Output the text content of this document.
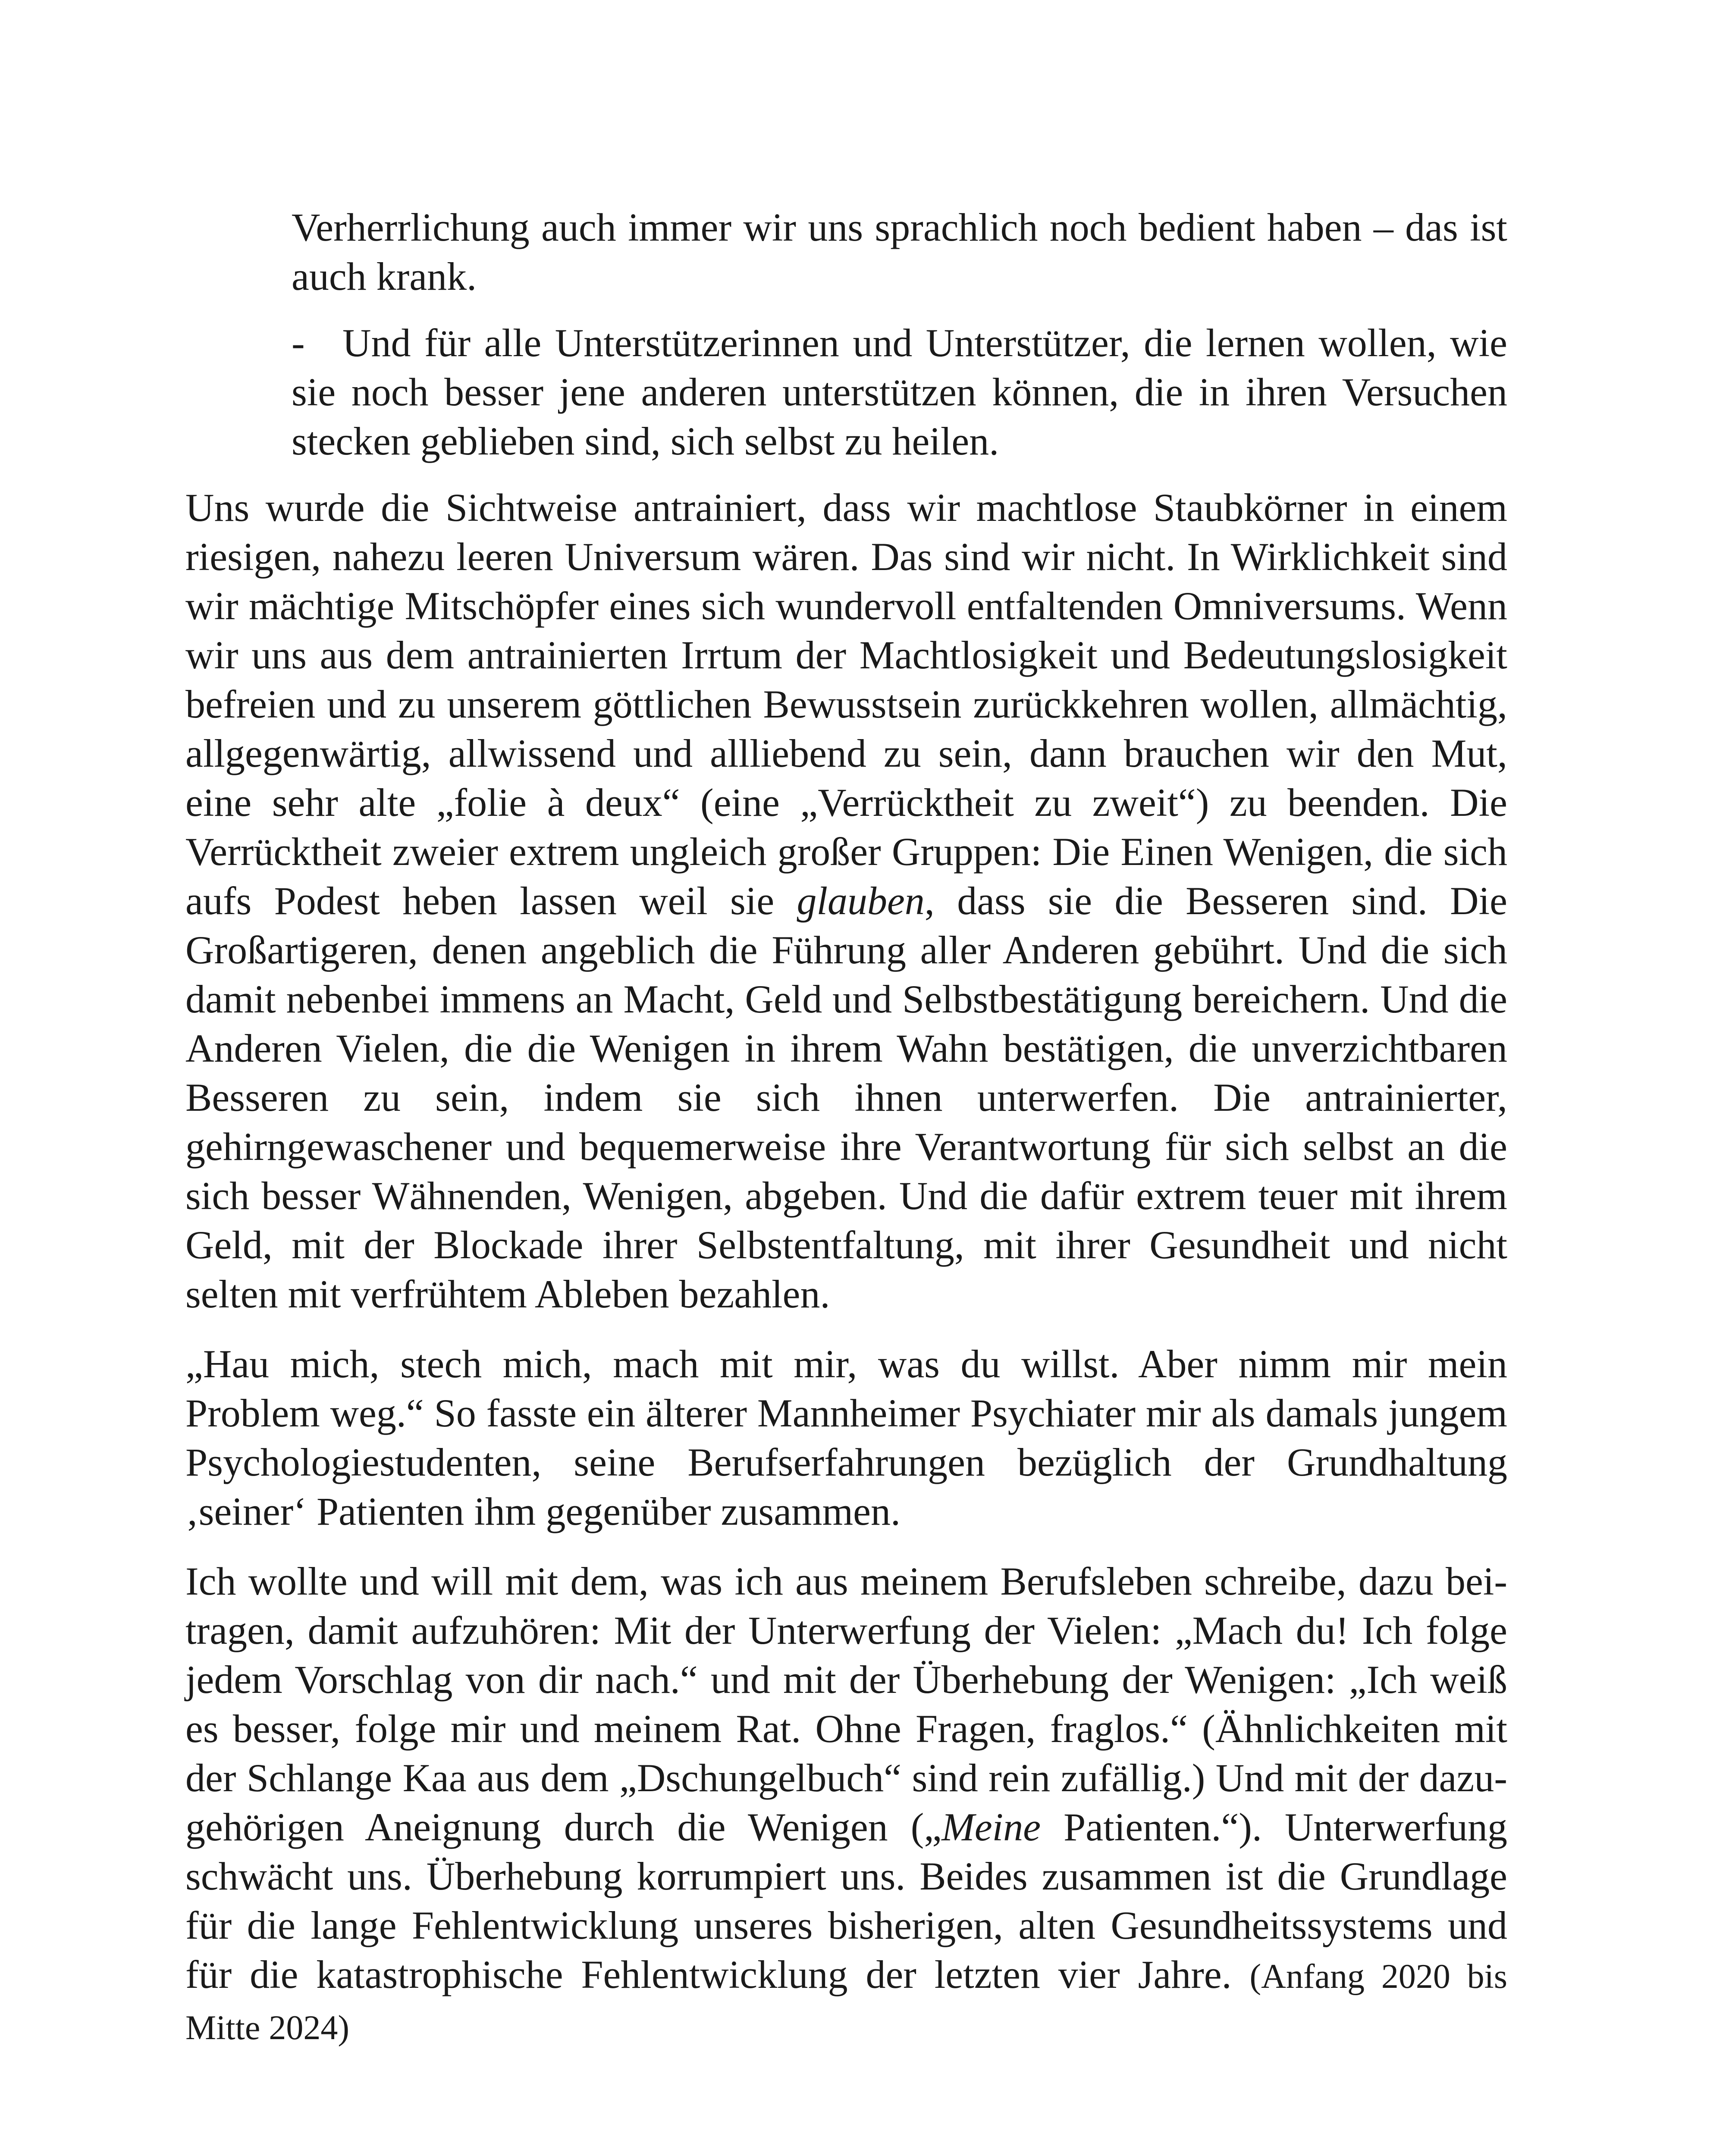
Verherrlichung auch immer wir uns sprachlich noch bedient haben – das ist auch krank.

- Und für alle Unterstützerinnen und Unterstützer, die lernen wollen, wie sie noch besser jene anderen unterstützen können, die in ihren Versuchen stecken geblieben sind, sich selbst zu heilen.

Uns wurde die Sichtweise antrainiert, dass wir machtlose Staubkörner in einem riesigen, nahezu leeren Universum wären. Das sind wir nicht. In Wirklichkeit sind wir mächtige Mitschöpfer eines sich wundervoll entfaltenden Omniversums. Wenn wir uns aus dem antrainierten Irrtum der Machtlosigkeit und Bedeutungslosigkeit befreien und zu unserem göttlichen Bewusstsein zurückkehren wollen, allmächtig, allgegenwärtig, allwissend und allliebend zu sein, dann brauchen wir den Mut, eine sehr alte „folie à deux“ (eine „Verrücktheit zu zweit“) zu beenden. Die Verrücktheit zweier extrem ungleich großer Gruppen: Die Einen Wenigen, die sich aufs Podest heben lassen weil sie glauben, dass sie die Besseren sind. Die Großartigeren, denen angeblich die Führung aller Anderen gebührt. Und die sich damit nebenbei immens an Macht, Geld und Selbstbestätigung bereichern. Und die Anderen Vielen, die die Wenigen in ihrem Wahn bestätigen, die unverzichtbaren Besseren zu sein, indem sie sich ihnen unterwerfen. Die antrainierter, gehirngewaschener und bequemerweise ihre Verantwortung für sich selbst an die sich besser Wähnenden, Wenigen, abgeben. Und die dafür extrem teuer mit ihrem Geld, mit der Blockade ihrer Selbstentfaltung, mit ihrer Gesundheit und nicht selten mit verfrühtem Ableben bezahlen.

„Hau mich, stech mich, mach mit mir, was du willst. Aber nimm mir mein Problem weg.“ So fasste ein älterer Mannheimer Psychiater mir als damals jungem Psychologiestudenten, seine Berufserfahrungen bezüglich der Grundhaltung ‚seiner‘ Patienten ihm gegenüber zusammen.

Ich wollte und will mit dem, was ich aus meinem Berufsleben schreibe, dazu beitragen, damit aufzuhören: Mit der Unterwerfung der Vielen: „Mach du! Ich folge jedem Vorschlag von dir nach.“ und mit der Überhebung der Wenigen: „Ich weiß es besser, folge mir und meinem Rat. Ohne Fragen, fraglos.“ (Ähnlichkeiten mit der Schlange Kaa aus dem „Dschungelbuch“ sind rein zufällig.) Und mit der dazugehörigen Aneignung durch die Wenigen („Meine Patienten.“). Unterwerfung schwächt uns. Überhebung korrumpiert uns. Beides zusammen ist die Grundlage für die lange Fehlentwicklung unseres bisherigen, alten Gesundheitssystems und für die katastrophische Fehlentwicklung der letzten vier Jahre. (Anfang 2020 bis Mitte 2024)
